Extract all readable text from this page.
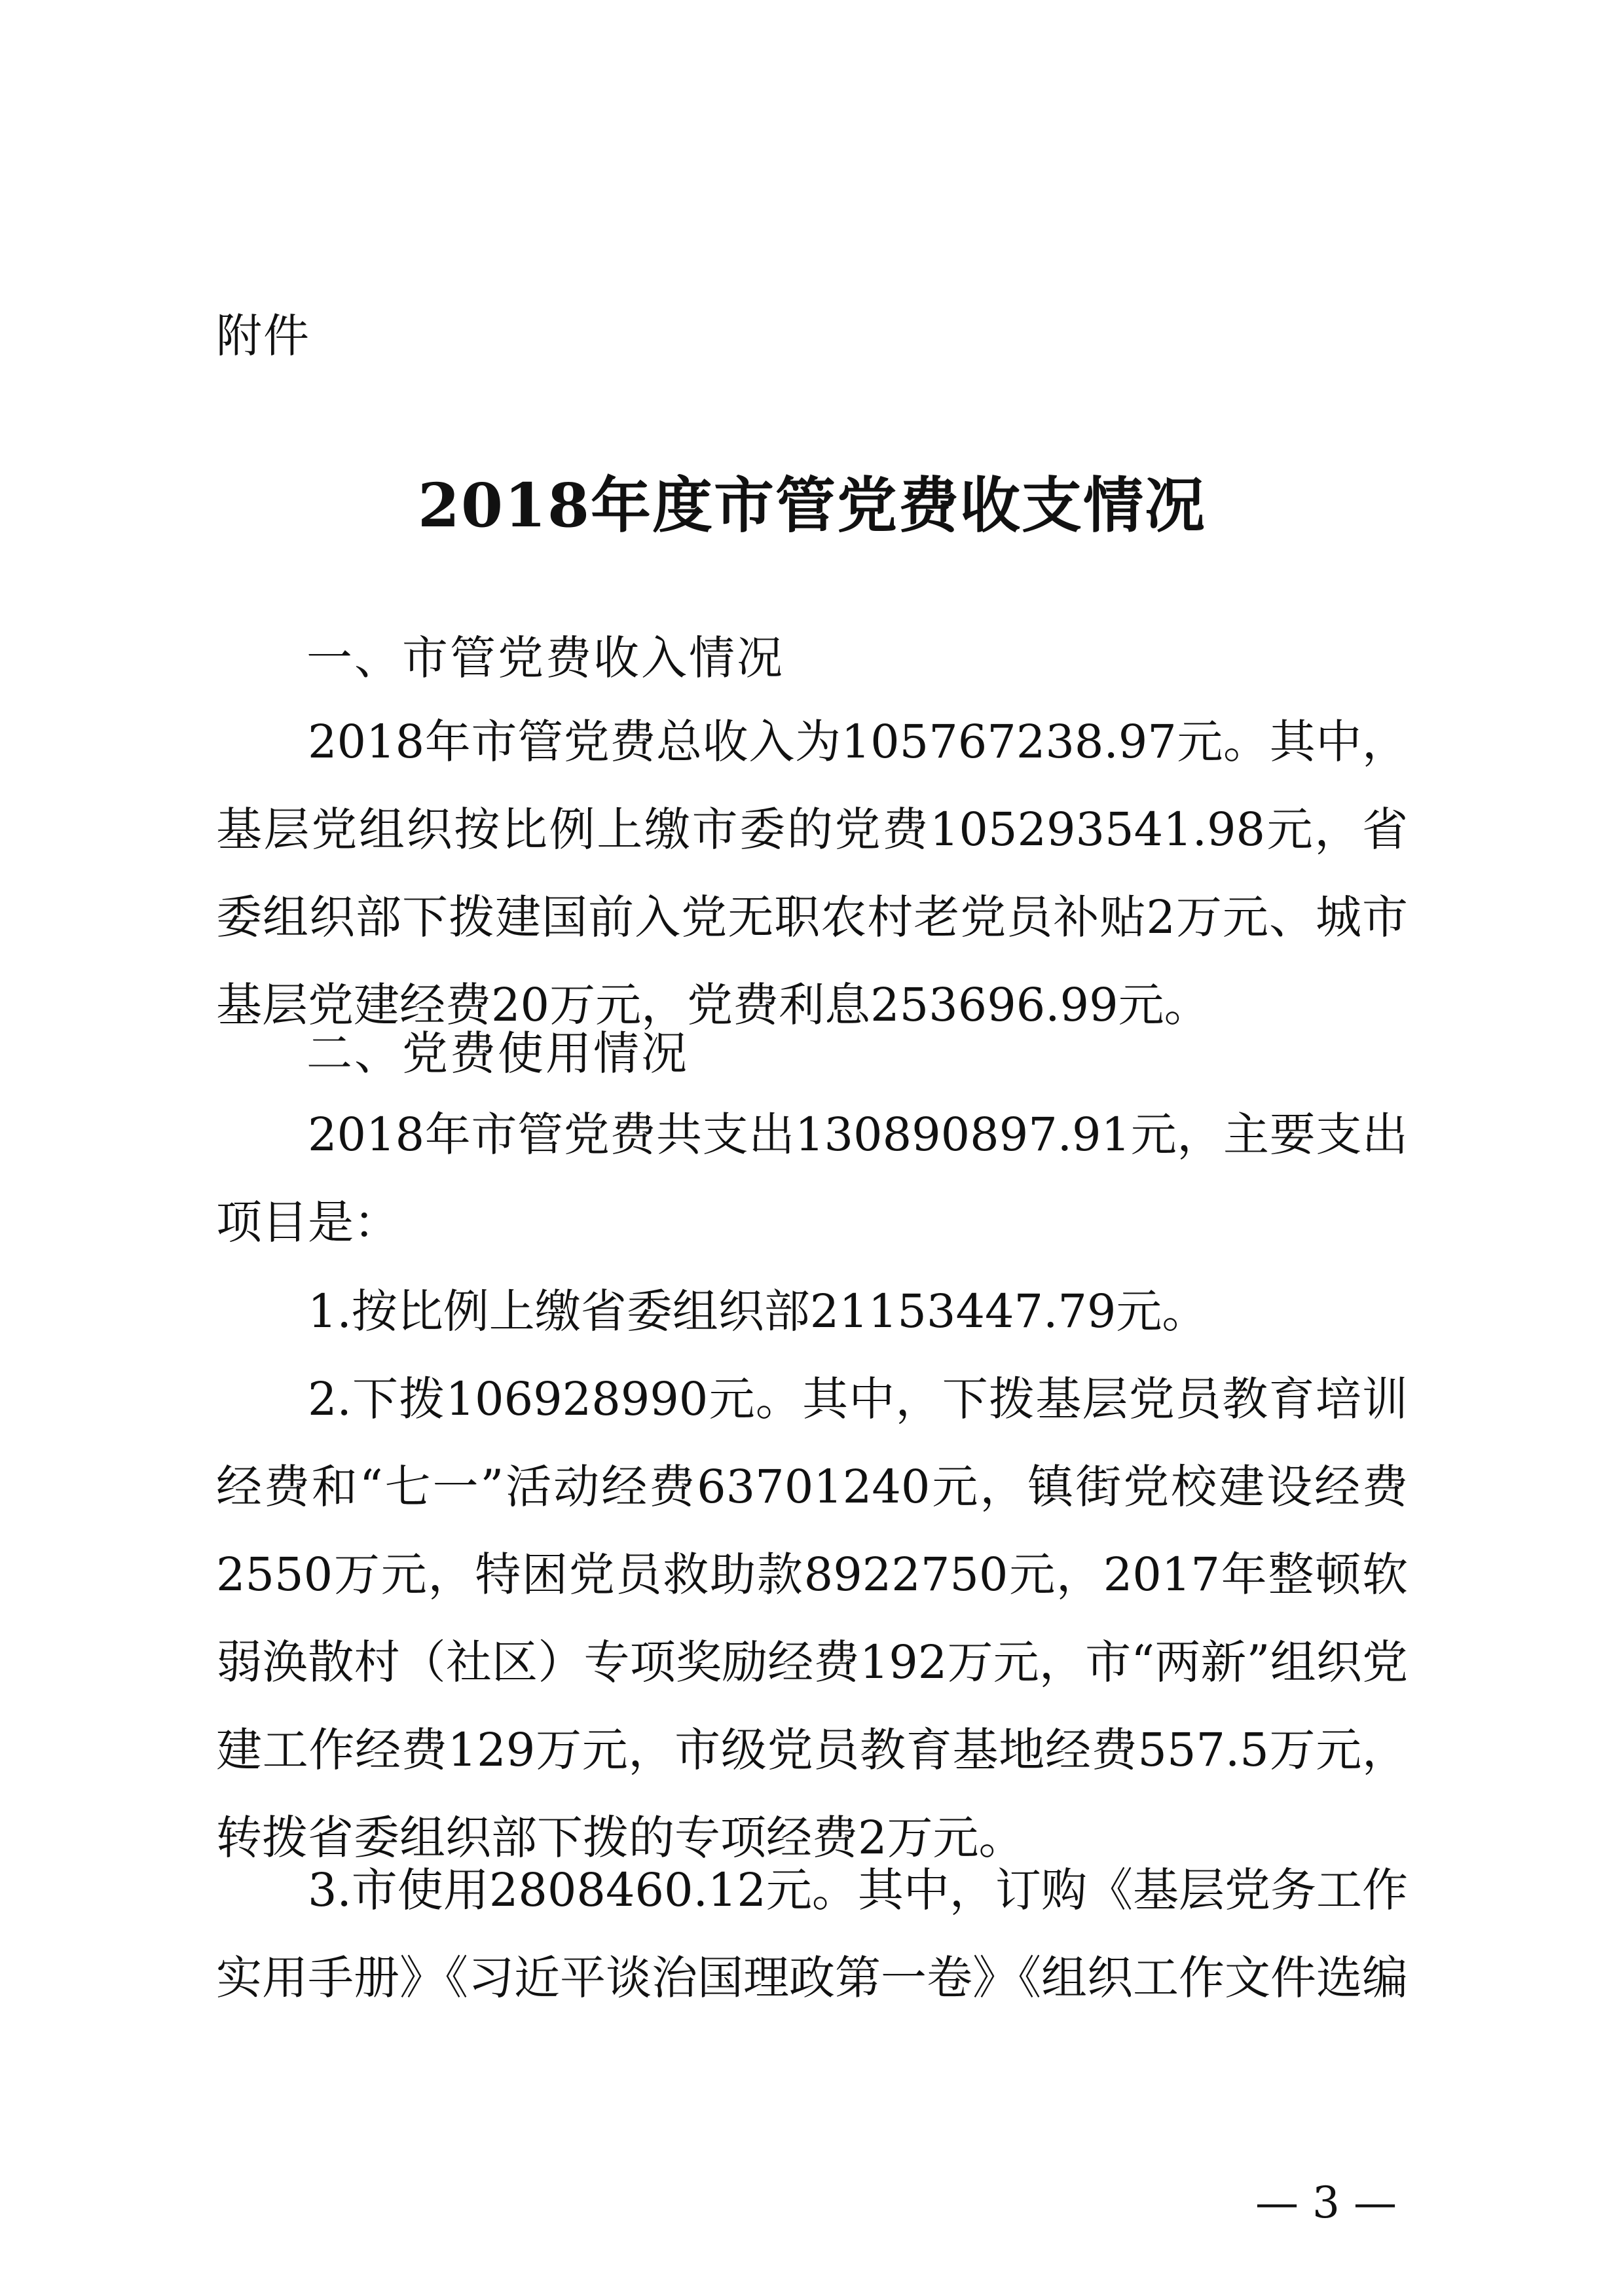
附件
2018年度市管党费收支情况
一、市管党费收入情况
2018年市管党费总收入为105767238.97元。其中，基层党组织按比例上缴市委的党费105293541.98元，省委组织部下拨建国前入党无职农村老党员补贴2万元、城市基层党建经费20万元，党费利息253696.99元。
二、党费使用情况
2018年市管党费共支出130890897.91元，主要支出项目是：
1.按比例上缴省委组织部21153447.79元。
2.下拨106928990元。其中，下拨基层党员教育培训经费和“七一”活动经费63701240元，镇街党校建设经费2550万元，特困党员救助款8922750元，2017年整顿软弱涣散村（社区）专项奖励经费192万元，市“两新”组织党建工作经费129万元，市级党员教育基地经费557.5万元，转拨省委组织部下拨的专项经费2万元。
3.市使用2808460.12元。其中，订购《基层党务工作实用手册》《习近平谈治国理政第一卷》《组织工作文件选编
— 3 —
